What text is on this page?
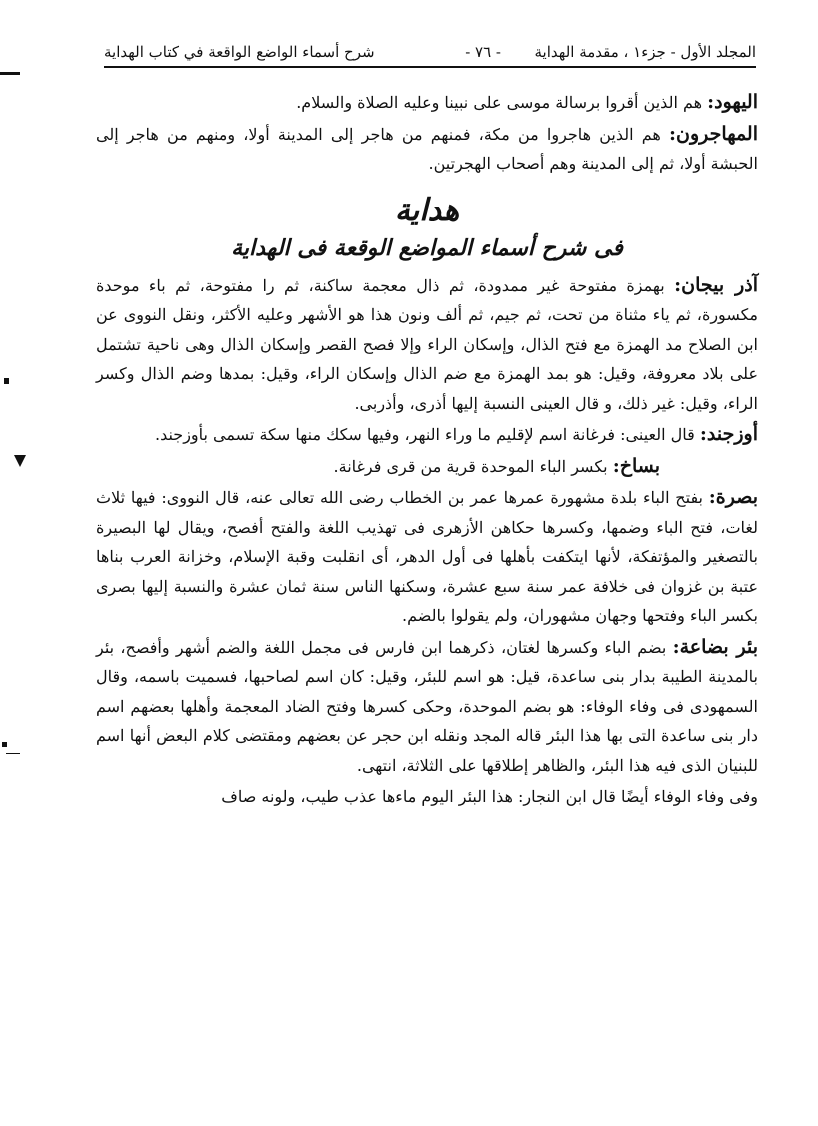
المجلد الأول - جزء١ ، مقدمة الهداية
- ٧٦ -
شرح أسماء الواضع الواقعة في كتاب الهداية

اليهود: هم الذين أقروا برسالة موسى على نبينا وعليه الصلاة والسلام.

المهاجرون: هم الذين هاجروا من مكة، فمنهم من هاجر إلى المدينة أولا، ومنهم من هاجر إلى الحبشة أولا، ثم إلى المدينة وهم أصحاب الهجرتين.

هداية
فى شرح أسماء المواضع الوقعة فى الهداية

آذر بيجان: بهمزة مفتوحة غير ممدودة، ثم ذال معجمة ساكنة، ثم را مفتوحة، ثم باء موحدة مكسورة، ثم ياء مثناة من تحت، ثم جيم، ثم ألف ونون هذا هو الأشهر وعليه الأكثر، ونقل النووى عن ابن الصلاح مد الهمزة مع فتح الذال، وإسكان الراء وإلا فصح القصر وإسكان الذال وهى ناحية تشتمل على بلاد معروفة، وقيل: هو بمد الهمزة مع ضم الذال وإسكان الراء، وقيل: بمدها وضم الذال وكسر الراء، وقيل: غير ذلك، و قال العينى النسبة إليها أذرى، وأذربى.

أوزجند: قال العينى: فرغانة اسم لإقليم ما وراء النهر، وفيها سكك منها سكة تسمى بأوزجند.

بساخ: بكسر الباء الموحدة قرية من قرى فرغانة.

بصرة: بفتح الباء بلدة مشهورة عمرها عمر بن الخطاب رضى الله تعالى عنه، قال النووى: فيها ثلاث لغات، فتح الباء وضمها، وكسرها حكاهن الأزهرى فى تهذيب اللغة والفتح أفصح، ويقال لها البصيرة بالتصغير والمؤتفكة، لأنها ايتكفت بأهلها فى أول الدهر، أى انقلبت وقبة الإسلام، وخزانة العرب بناها عتبة بن غزوان فى خلافة عمر سنة سبع عشرة، وسكنها الناس سنة ثمان عشرة والنسبة إليها بصرى بكسر الباء وفتحها وجهان مشهوران، ولم يقولوا بالضم.

بئر بضاعة: بضم الباء وكسرها لغتان، ذكرهما ابن فارس فى مجمل اللغة والضم أشهر وأفصح، بئر بالمدينة الطيبة بدار بنى ساعدة، قيل: هو اسم للبئر، وقيل: كان اسم لصاحبها، فسميت باسمه، وقال السمهودى فى وفاء الوفاء: هو بضم الموحدة، وحكى كسرها وفتح الضاد المعجمة وأهلها بعضهم اسم دار بنى ساعدة التى بها هذا البئر قاله المجد ونقله ابن حجر عن بعضهم ومقتضى كلام البعض أنها اسم للبنيان الذى فيه هذا البئر، والظاهر إطلاقها على الثلاثة، انتهى.

وفى وفاء الوفاء أيضًا قال ابن النجار: هذا البئر اليوم ماءها عذب طيب، ولونه صاف
